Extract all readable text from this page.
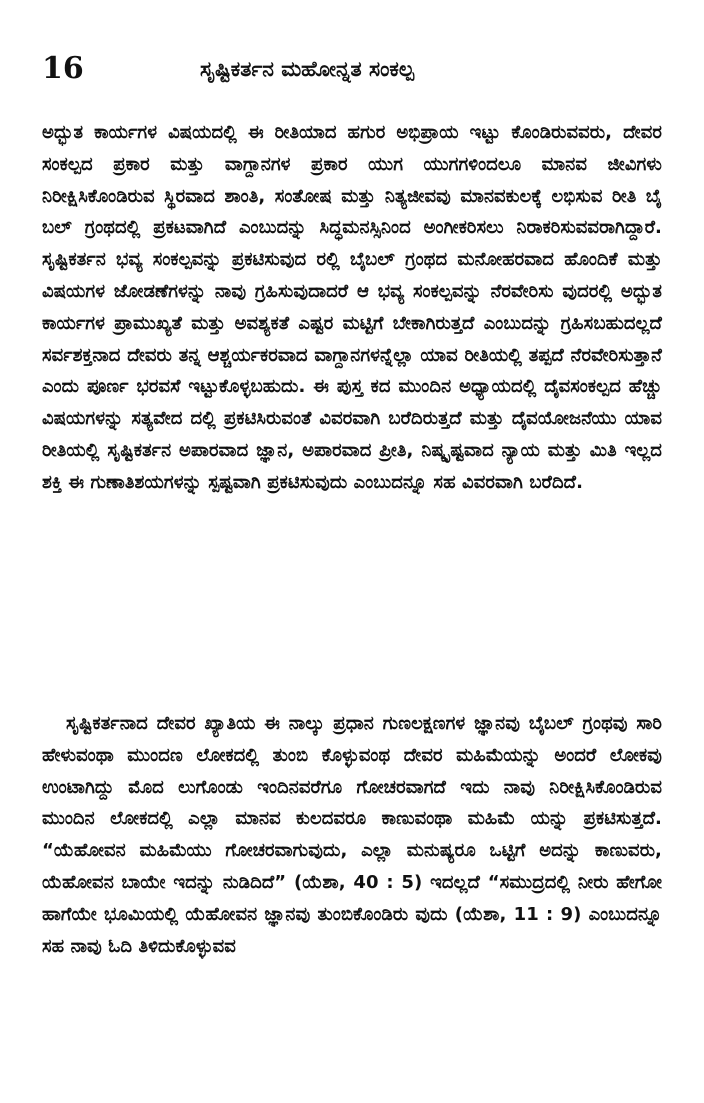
16	ಸೃಷ್ಟಿಕರ್ತನ ಮಹೋನ್ನತ ಸಂಕಲ್ಪ

ಅದ್ಭುತ ಕಾರ್ಯಗಳ ವಿಷಯದಲ್ಲಿ ಈ ರೀತಿಯಾದ ಹಗುರ ಅಭಿಪ್ರಾಯ ಇಟ್ಟು ಕೊಂಡಿರುವವರು, ದೇವರ ಸಂಕಲ್ಪದ ಪ್ರಕಾರ ಮತ್ತು ವಾಗ್ದಾನಗಳ ಪ್ರಕಾರ ಯುಗ ಯುಗಗಳಿಂದಲೂ ಮಾನವ ಜೀವಿಗಳು ನಿರೀಕ್ಷಿಸಿಕೊಂಡಿರುವ ಸ್ಥಿರವಾದ ಶಾಂತಿ, ಸಂತೋಷ ಮತ್ತು ನಿತ್ಯಜೀವವು ಮಾನವಕುಲಕ್ಕೆ ಲಭಿಸುವ ರೀತಿ ಬೈ ಬಲ್ ಗ್ರಂಥದಲ್ಲಿ ಪ್ರಕಟವಾಗಿದೆ ಎಂಬುದನ್ನು ಸಿದ್ಧಮನಸ್ಸಿನಿಂದ ಅಂಗೀಕರಿಸಲು ನಿರಾಕರಿಸುವವರಾಗಿದ್ದಾರೆ. ಸೃಷ್ಟಿಕರ್ತನ ಭವ್ಯ ಸಂಕಲ್ಪವನ್ನು ಪ್ರಕಟಿಸುವುದ ರಲ್ಲಿ ಬೈಬಲ್ ಗ್ರಂಥದ ಮನೋಹರವಾದ ಹೊಂದಿಕೆ ಮತ್ತು ವಿಷಯಗಳ ಜೋಡಣೆಗಳನ್ನು ನಾವು ಗ್ರಹಿಸುವುದಾದರೆ ಆ ಭವ್ಯ ಸಂಕಲ್ಪವನ್ನು ನೆರವೇರಿಸು ವುದರಲ್ಲಿ ಅದ್ಭುತ ಕಾರ್ಯಗಳ ಪ್ರಾಮುಖ್ಯತೆ ಮತ್ತು ಅವಶ್ಯಕತೆ ಎಷ್ಟರ ಮಟ್ಟಿಗೆ ಬೇಕಾಗಿರುತ್ತದೆ ಎಂಬುದನ್ನು ಗ್ರಹಿಸಬಹುದಲ್ಲದೆ ಸರ್ವಶಕ್ತನಾದ ದೇವರು ತನ್ನ ಆಶ್ಚರ್ಯಕರವಾದ ವಾಗ್ದಾನಗಳನ್ನೆಲ್ಲಾ ಯಾವ ರೀತಿಯಲ್ಲಿ ತಪ್ಪದೆ ನೆರವೇರಿಸುತ್ತಾನೆ ಎಂದು ಪೂರ್ಣ ಭರವಸೆ ಇಟ್ಟುಕೊಳ್ಳಬಹುದು. ಈ ಪುಸ್ತ ಕದ ಮುಂದಿನ ಅಧ್ಯಾಯದಲ್ಲಿ ದೈವಸಂಕಲ್ಪದ ಹೆಚ್ಚು ವಿಷಯಗಳನ್ನು ಸತ್ಯವೇದ ದಲ್ಲಿ ಪ್ರಕಟಿಸಿರುವಂತೆ ವಿವರವಾಗಿ ಬರೆದಿರುತ್ತದೆ ಮತ್ತು ದೈವಯೋಜನೆಯು ಯಾವ ರೀತಿಯಲ್ಲಿ ಸೃಷ್ಟಿಕರ್ತನ ಅಪಾರವಾದ ಜ್ಞಾನ, ಅಪಾರವಾದ ಪ್ರೀತಿ, ನಿಷ್ಕೃಷ್ಟವಾದ ನ್ಯಾಯ ಮತ್ತು ಮಿತಿ ಇಲ್ಲದ ಶಕ್ತಿ ಈ ಗುಣಾತಿಶಯಗಳನ್ನು ಸ್ಪಷ್ಟವಾಗಿ ಪ್ರಕಟಿಸುವುದು ಎಂಬುದನ್ನೂ ಸಹ ವಿವರವಾಗಿ ಬರೆದಿದೆ.

ಸೃಷ್ಟಿಕರ್ತನಾದ ದೇವರ ಖ್ಯಾತಿಯ ಈ ನಾಲ್ಕು ಪ್ರಧಾನ ಗುಣಲಕ್ಷಣಗಳ ಜ್ಞಾನವು ಬೈಬಲ್ ಗ್ರಂಥವು ಸಾರಿ ಹೇಳುವಂಥಾ ಮುಂದಣ ಲೋಕದಲ್ಲಿ ತುಂಬಿ ಕೊಳ್ಳುವಂಥ ದೇವರ ಮಹಿಮೆಯನ್ನು ಅಂದರೆ ಲೋಕವು ಉಂಟಾಗಿದ್ದು ಮೊದ ಲುಗೊಂಡು ಇಂದಿನವರೆಗೂ ಗೋಚರವಾಗದೆ ಇದು ನಾವು ನಿರೀಕ್ಷಿಸಿಕೊಂಡಿರುವ ಮುಂದಿನ ಲೋಕದಲ್ಲಿ ಎಲ್ಲಾ ಮಾನವ ಕುಲದವರೂ ಕಾಣುವಂಥಾ ಮಹಿಮೆ ಯನ್ನು ಪ್ರಕಟಿಸುತ್ತದೆ. “ಯೆಹೋವನ ಮಹಿಮೆಯು ಗೋಚರವಾಗುವುದು, ಎಲ್ಲಾ ಮನುಷ್ಯರೂ ಒಟ್ಟಿಗೆ ಅದನ್ನು ಕಾಣುವರು, ಯೆಹೋವನ ಬಾಯೇ ಇದನ್ನು ನುಡಿದಿದೆ” (ಯೆಶಾ, 40 : 5) ಇದಲ್ಲದೆ “ಸಮುದ್ರದಲ್ಲಿ ನೀರು ಹೇಗೋ ಹಾಗೆಯೇ ಭೂಮಿಯಲ್ಲಿ ಯೆಹೋವನ ಜ್ಞಾನವು ತುಂಬಿಕೊಂಡಿರು ವುದು (ಯೆಶಾ, 11 : 9) ಎಂಬುದನ್ನೂ ಸಹ ನಾವು ಓದಿ ತಿಳಿದುಕೊಳ್ಳುವವ
